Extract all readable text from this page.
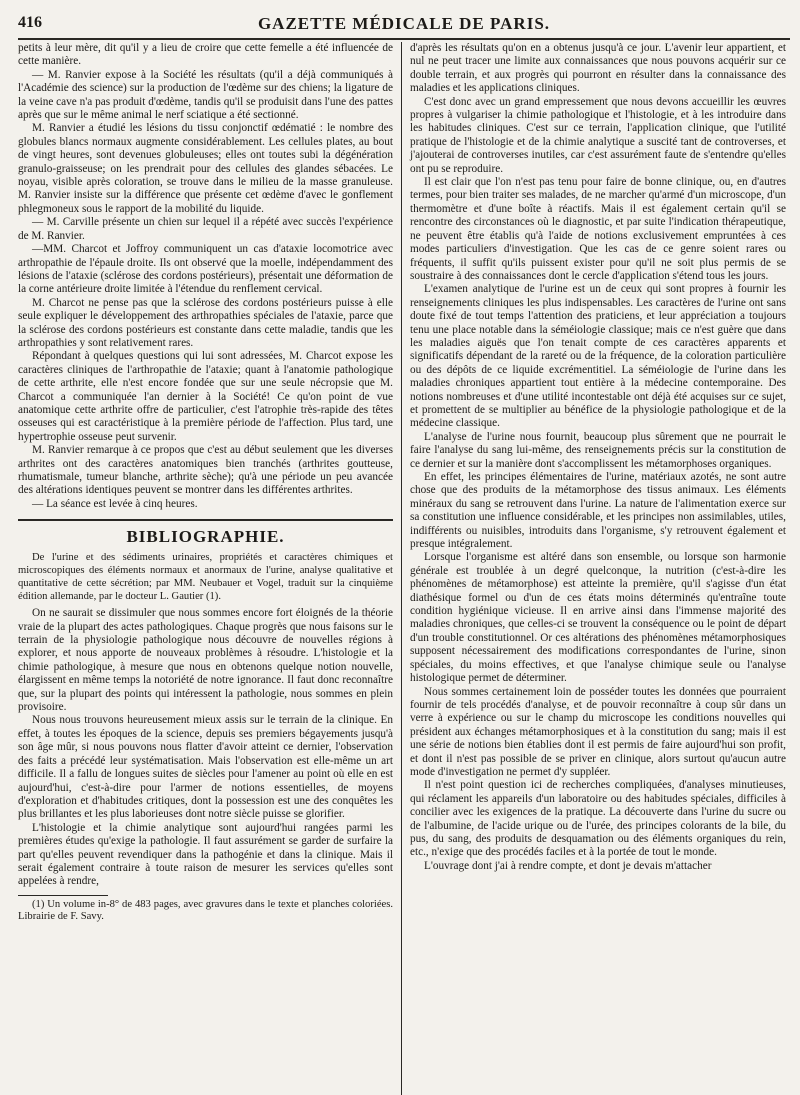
416	GAZETTE MÉDICALE DE PARIS.

petits à leur mère, dit qu'il y a lieu de croire que cette femelle a été influencée de cette manière.

— M. Ranvier expose à la Société les résultats (qu'il a déjà communiqués à l'Académie des science) sur la production de l'œdème sur des chiens; la ligature de la veine cave n'a pas produit d'œdème, tandis qu'il se produisit dans l'une des pattes après que sur le même animal le nerf sciatique a été sectionné.

M. Ranvier a étudié les lésions du tissu conjonctif œdématié : le nombre des globules blancs normaux augmente considérablement. Les cellules plates, au bout de vingt heures, sont devenues globuleuses; elles ont toutes subi la dégénération granulo-graisseuse; on les prendrait pour des cellules des glandes sébacées. Le noyau, visible après coloration, se trouve dans le milieu de la masse granuleuse. M. Ranvier insiste sur la différence que présente cet œdème d'avec le gonflement phlegmoneux sous le rapport de la mobilité du liquide.

— M. Carville présente un chien sur lequel il a répété avec succès l'expérience de M. Ranvier.

—MM. Charcot et Joffroy communiquent un cas d'ataxie locomotrice avec arthropathie de l'épaule droite. Ils ont observé que la moelle, indépendamment des lésions de l'ataxie (sclérose des cordons postérieurs), présentait une déformation de la corne antérieure droite limitée à l'étendue du renflement cervical.

M. Charcot ne pense pas que la sclérose des cordons postérieurs puisse à elle seule expliquer le développement des arthropathies spéciales de l'ataxie, parce que la sclérose des cordons postérieurs est constante dans cette maladie, tandis que les arthropathies y sont relativement rares.

Répondant à quelques questions qui lui sont adressées, M. Charcot expose les caractères cliniques de l'arthropathie de l'ataxie; quant à l'anatomie pathologique de cette arthrite, elle n'est encore fondée que sur une seule nécropsie que M. Charcot a communiquée l'an dernier à la Société! Ce qu'on point de vue anatomique cette arthrite offre de particulier, c'est l'atrophie très-rapide des têtes osseuses qui est caractéristique à la première période de l'affection. Plus tard, une hypertrophie osseuse peut survenir.

M. Ranvier remarque à ce propos que c'est au début seulement que les diverses arthrites ont des caractères anatomiques bien tranchés (arthrites goutteuse, rhumatismale, tumeur blanche, arthrite sèche); qu'à une période un peu avancée des altérations identiques peuvent se montrer dans les différentes arthrites.

— La séance est levée à cinq heures.

BIBLIOGRAPHIE.
De l'urine et des sédiments urinaires, propriétés et caractères chimiques et microscopiques des éléments normaux et anormaux de l'urine, analyse qualitative et quantitative de cette sécrétion; par MM. Neubauer et Vogel, traduit sur la cinquième édition allemande, par le docteur L. Gautier (1).

On ne saurait se dissimuler que nous sommes encore fort éloignés de la théorie vraie de la plupart des actes pathologiques. Chaque progrès que nous faisons sur le terrain de la physiologie pathologique nous découvre de nouvelles régions à explorer, et nous apporte de nouveaux problèmes à résoudre. L'histologie et la chimie pathologique, à mesure que nous en obtenons quelque notion nouvelle, élargissent en même temps la notoriété de notre ignorance. Il faut donc reconnaître que, sur la plupart des points qui intéressent la pathologie, nous sommes en plein provisoire.

Nous nous trouvons heureusement mieux assis sur le terrain de la clinique. En effet, à toutes les époques de la science, depuis ses premiers bégayements jusqu'à son âge mûr, si nous pouvons nous flatter d'avoir atteint ce dernier, l'observation des faits a précédé leur systématisation. Mais l'observation est elle-même un art difficile. Il a fallu de longues suites de siècles pour l'amener au point où elle en est aujourd'hui, c'est-à-dire pour l'armer de notions essentielles, de moyens d'exploration et d'habitudes critiques, dont la possession est une des conquêtes les plus brillantes et les plus laborieuses dont notre siècle puisse se glorifier.

L'histologie et la chimie analytique sont aujourd'hui rangées parmi les premières études qu'exige la pathologie. Il faut assurément se garder de surfaire la part qu'elles peuvent revendiquer dans la pathogénie et dans la clinique. Mais il serait également contraire à toute raison de mesurer les services qu'elles sont appelées à rendre,

(1) Un volume in-8° de 483 pages, avec gravures dans le texte et planches coloriées. Librairie de F. Savy.

d'après les résultats qu'on en a obtenus jusqu'à ce jour. L'avenir leur appartient, et nul ne peut tracer une limite aux connaissances que nous pouvons acquérir sur ce double terrain, et aux progrès qui pourront en résulter dans la connaissance des maladies et les applications cliniques.

C'est donc avec un grand empressement que nous devons accueillir les œuvres propres à vulgariser la chimie pathologique et l'histologie, et à les introduire dans les habitudes cliniques. C'est sur ce terrain, l'application clinique, que l'utilité pratique de l'histologie et de la chimie analytique a suscité tant de controverses, et j'ajouterai de controverses inutiles, car c'est assurément faute de s'entendre qu'elles ont pu se reproduire.

Il est clair que l'on n'est pas tenu pour faire de bonne clinique, ou, en d'autres termes, pour bien traiter ses malades, de ne marcher qu'armé d'un microscope, d'un thermomètre et d'une boîte à réactifs. Mais il est également certain qu'il se rencontre des circonstances où le diagnostic, et par suite l'indication thérapeutique, ne peuvent être établis qu'à l'aide de notions exclusivement empruntées à ces modes particuliers d'investigation. Que les cas de ce genre soient rares ou fréquents, il suffit qu'ils puissent exister pour qu'il ne soit plus permis de se soustraire à des connaissances dont le cercle d'application s'étend tous les jours.

L'examen analytique de l'urine est un de ceux qui sont propres à fournir les renseignements cliniques les plus indispensables. Les caractères de l'urine ont sans doute fixé de tout temps l'attention des praticiens, et leur appréciation a toujours tenu une place notable dans la séméiologie classique; mais ce n'est guère que dans les maladies aiguës que l'on tenait compte de ces caractères apparents et significatifs dépendant de la rareté ou de la fréquence, de la coloration particulière ou des dépôts de ce liquide excrémentitiel. La séméiologie de l'urine dans les maladies chroniques appartient tout entière à la médecine contemporaine. Des notions nombreuses et d'une utilité incontestable ont déjà été acquises sur ce sujet, et promettent de se multiplier au bénéfice de la physiologie pathologique et de la médecine classique.

L'analyse de l'urine nous fournit, beaucoup plus sûrement que ne pourrait le faire l'analyse du sang lui-même, des renseignements précis sur la constitution de ce dernier et sur la manière dont s'accomplissent les métamorphoses organiques.

En effet, les principes élémentaires de l'urine, matériaux azotés, ne sont autre chose que des produits de la métamorphose des tissus animaux. Les éléments minéraux du sang se retrouvent dans l'urine. La nature de l'alimentation exerce sur sa constitution une influence considérable, et les principes non assimilables, utiles, indifférents ou nuisibles, introduits dans l'organisme, s'y retrouvent également et presque intégralement.

Lorsque l'organisme est altéré dans son ensemble, ou lorsque son harmonie générale est troublée à un degré quelconque, la nutrition (c'est-à-dire les phénomènes de métamorphose) est atteinte la première, qu'il s'agisse d'un état diathésique formel ou d'un de ces états moins déterminés qu'entraîne toute condition hygiénique vicieuse. Il en arrive ainsi dans l'immense majorité des maladies chroniques, que celles-ci se trouvent la conséquence ou le point de départ d'un trouble constitutionnel. Or ces altérations des phénomènes métamorphosiques supposent nécessairement des modifications correspondantes de l'urine, sinon spéciales, du moins effectives, et que l'analyse chimique seule ou l'analyse histologique permet de déterminer.

Nous sommes certainement loin de posséder toutes les données que pourraient fournir de tels procédés d'analyse, et de pouvoir reconnaître à coup sûr dans un verre à expérience ou sur le champ du microscope les conditions nouvelles qui président aux échanges métamorphosiques et à la constitution du sang; mais il est une série de notions bien établies dont il est permis de faire aujourd'hui son profit, et dont il n'est pas possible de se priver en clinique, alors surtout qu'aucun autre mode d'investigation ne permet d'y suppléer.

Il n'est point question ici de recherches compliquées, d'analyses minutieuses, qui réclament les appareils d'un laboratoire ou des habitudes spéciales, difficiles à concilier avec les exigences de la pratique. La découverte dans l'urine du sucre ou de l'albumine, de l'acide urique ou de l'urée, des principes colorants de la bile, du pus, du sang, des produits de desquamation ou des éléments organiques du rein, etc., n'exige que des procédés faciles et à la portée de tout le monde.

L'ouvrage dont j'ai à rendre compte, et dont je devais m'attacher
